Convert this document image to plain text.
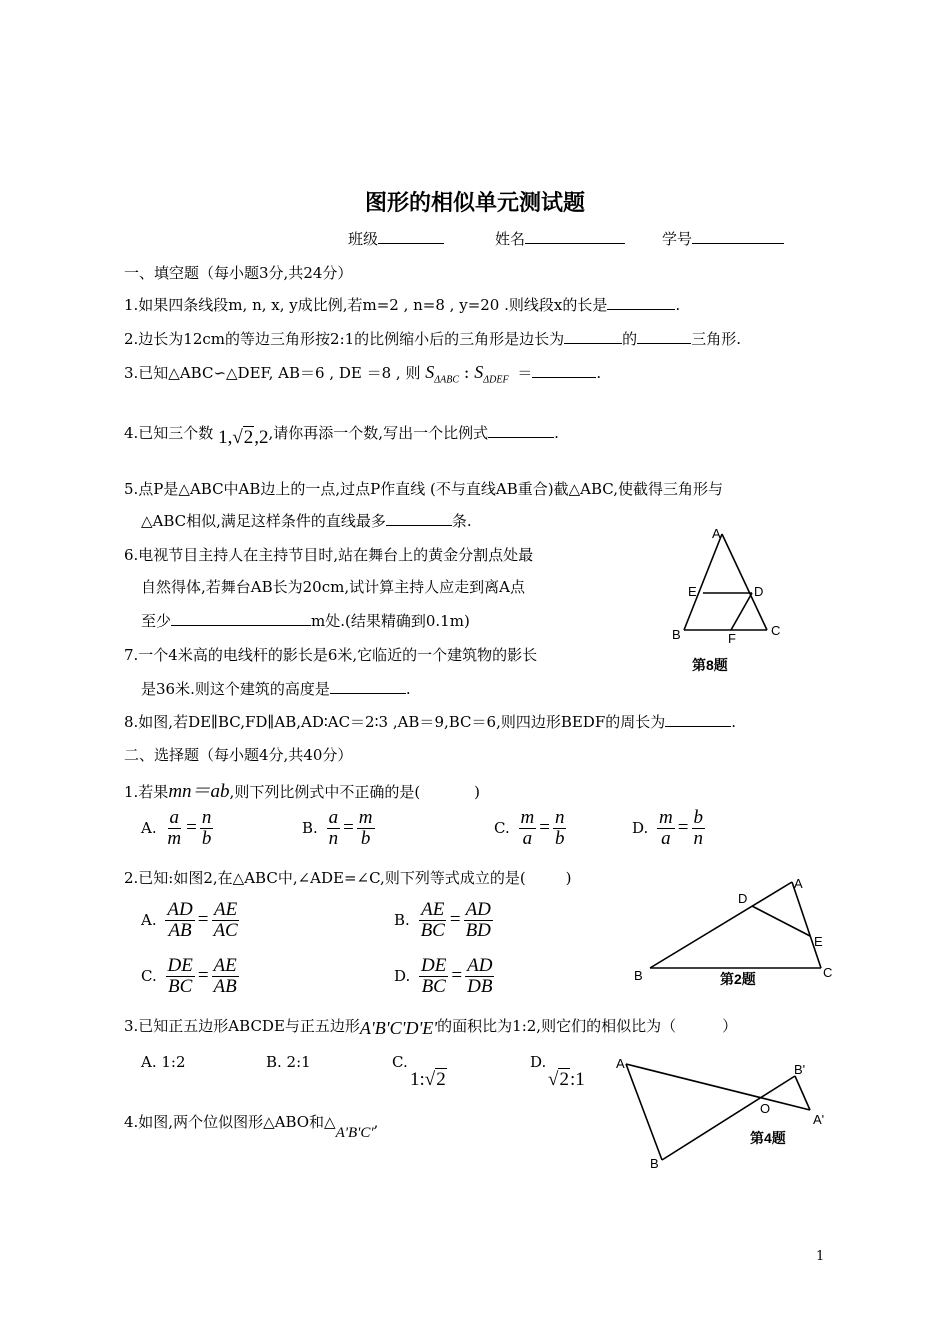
图形的相似单元测试题
班级	姓名	学号
一、填空题（每小题3分,共24分）
1.如果四条线段m, n, x, y成比例,若m=2 , n=8 , y=20 .则线段x的长是	.
2.边长为12cm的等边三角形按2:1的比例缩小后的三角形是边长为	的	三角形.
3.已知△ABC∽△DEF, AB＝6 , DE ＝8 , 则 $S_{\Delta ABC}$ : $S_{\Delta DEF}$ ＝	.
4.已知三个数 1,√2,2,请你再添一个数,写出一个比例式	.
5.点P是△ABC中AB边上的一点,过点P作直线 (不与直线AB重合)截△ABC,使截得三角形与
△ABC相似,满足这样条件的直线最多	条.
6.电视节目主持人在主持节目时,站在舞台上的黄金分割点处最
自然得体,若舞台AB长为20cm,试计算主持人应走到离A点
至少	m处.(结果精确到0.1m)
7.一个4米高的电线杆的影长是6米,它临近的一个建筑物的影长
是36米.则这个建筑的高度是	.
8.如图,若DE∥BC,FD∥AB,AD∶AC＝2∶3 ,AB＝9,BC＝6,则四边形BEDF的周长为	.
A
E	D
B	F
C
第8题
二、选择题（每小题4分,共40分）
1.若果mn＝ab,则下列比例式中不正确的是(	)
A. $\frac{a}{m} = \frac{n}{b}$	B. $\frac{a}{n} = \frac{m}{b}$	C. $\frac{m}{a} = \frac{n}{b}$	D. $\frac{m}{a} = \frac{b}{n}$
2.已知:如图2,在△ABC中,∠ADE=∠C,则下列等式成立的是(	)
A. $\frac{AD}{AB} = \frac{AE}{AC}$	B. $\frac{AE}{BC} = \frac{AD}{BD}$
C. $\frac{DE}{BC} = \frac{AE}{AB}$	D. $\frac{DE}{BC} = \frac{AD}{DB}$
D
A
E
B	C
第2题
3.已知正五边形ABCDE与正五边形A'B'C'D'E'的面积比为1:2,则它们的相似比为（	）
A. 1:2	B. 2:1	C.
1:√2
D.
√2:1
4.如图,两个位似图形△ABO和△A'B'C',
A	B'
O
A'
B
第4题
1
